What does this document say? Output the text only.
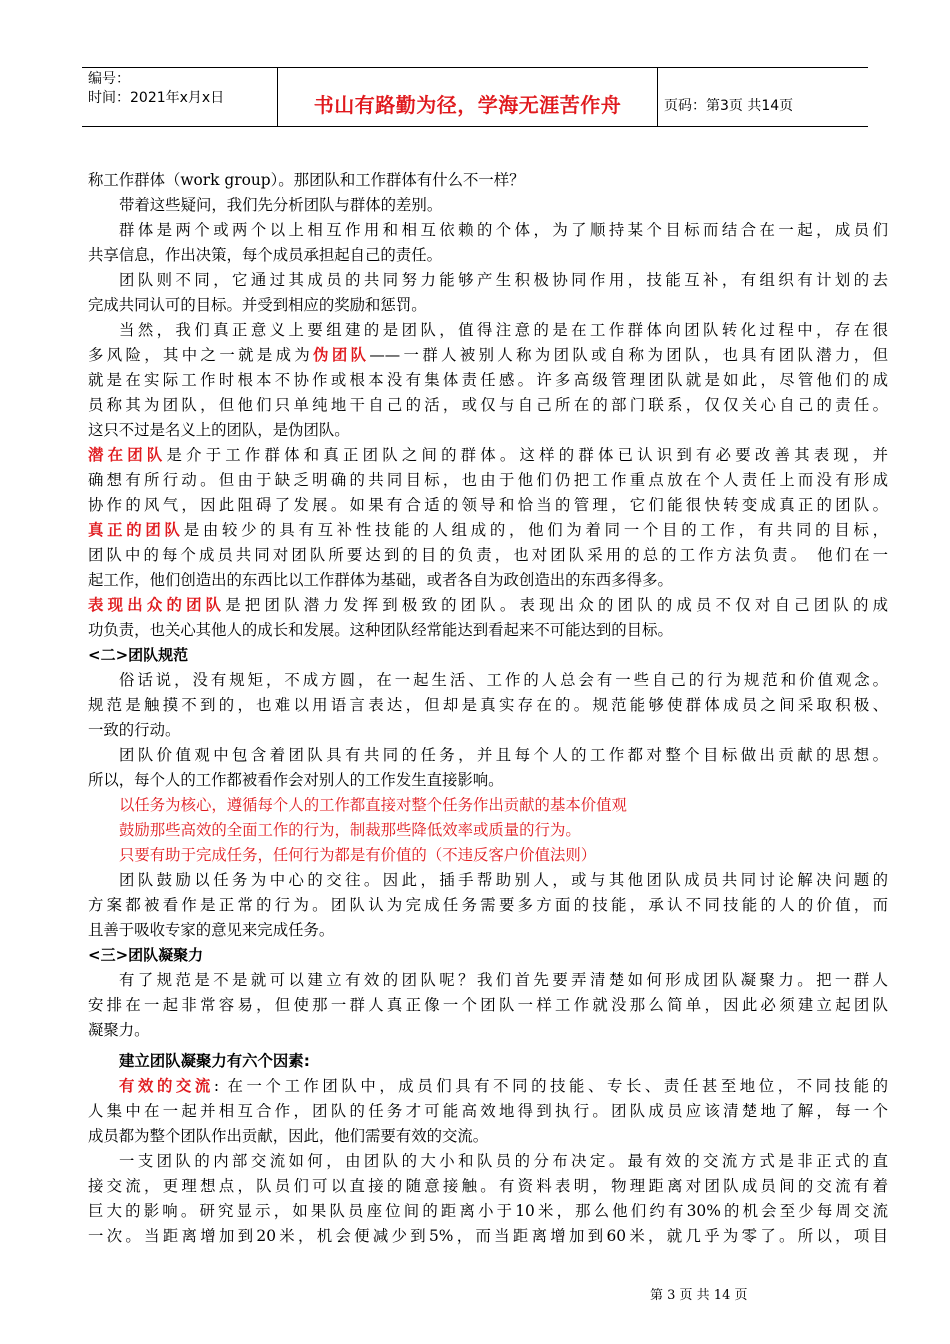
编号：
时间：2021年x月x日	书山有路勤为径，学海无涯苦作舟	页码：第3页 共14页
称工作群体（work group）。那团队和工作群体有什么不一样？
带着这些疑问，我们先分析团队与群体的差别。
群体是两个或两个以上相互作用和相互依赖的个体，为了顺持某个目标而结合在一起，成员们
共享信息，作出决策，每个成员承担起自己的责任。
团队则不同，它通过其成员的共同努力能够产生积极协同作用，技能互补，有组织有计划的去
完成共同认可的目标。并受到相应的奖励和惩罚。
当然，我们真正意义上要组建的是团队，值得注意的是在工作群体向团队转化过程中，存在很
多风险，其中之一就是成为伪团队——一群人被别人称为团队或自称为团队，也具有团队潜力，但
就是在实际工作时根本不协作或根本没有集体责任感。许多高级管理团队就是如此，尽管他们的成
员称其为团队，但他们只单纯地干自己的活，或仅与自己所在的部门联系，仅仅关心自己的责任。
这只不过是名义上的团队，是伪团队。
潜在团队是介于工作群体和真正团队之间的群体。这样的群体已认识到有必要改善其表现，并
确想有所行动。但由于缺乏明确的共同目标，也由于他们仍把工作重点放在个人责任上而没有形成
协作的风气，因此阻碍了发展。如果有合适的领导和恰当的管理，它们能很快转变成真正的团队。
真正的团队是由较少的具有互补性技能的人组成的，他们为着同一个目的工作，有共同的目标，
团队中的每个成员共同对团队所要达到的目的负责，也对团队采用的总的工作方法负责。 他们在一
起工作，他们创造出的东西比以工作群体为基础，或者各自为政创造出的东西多得多。
表现出众的团队是把团队潜力发挥到极致的团队。表现出众的团队的成员不仅对自己团队的成
功负责，也关心其他人的成长和发展。这种团队经常能达到看起来不可能达到的目标。
<二>团队规范
俗话说，没有规矩，不成方圆，在一起生活、工作的人总会有一些自己的行为规范和价值观念。
规范是触摸不到的，也难以用语言表达，但却是真实存在的。规范能够使群体成员之间采取积极、
一致的行动。
团队价值观中包含着团队具有共同的任务，并且每个人的工作都对整个目标做出贡献的思想。
所以，每个人的工作都被看作会对别人的工作发生直接影响。
以任务为核心，遵循每个人的工作都直接对整个任务作出贡献的基本价值观
鼓励那些高效的全面工作的行为，制裁那些降低效率或质量的行为。
只要有助于完成任务，任何行为都是有价值的（不违反客户价值法则）
团队鼓励以任务为中心的交往。因此，插手帮助别人，或与其他团队成员共同讨论解决问题的
方案都被看作是正常的行为。团队认为完成任务需要多方面的技能，承认不同技能的人的价值，而
且善于吸收专家的意见来完成任务。
<三>团队凝聚力
有了规范是不是就可以建立有效的团队呢？我们首先要弄清楚如何形成团队凝聚力。把一群人
安排在一起非常容易，但使那一群人真正像一个团队一样工作就没那么简单，因此必须建立起团队
凝聚力。
建立团队凝聚力有六个因素:
有效的交流: 在一个工作团队中，成员们具有不同的技能、专长、责任甚至地位，不同技能的
人集中在一起并相互合作，团队的任务才可能高效地得到执行。团队成员应该清楚地了解，每一个
成员都为整个团队作出贡献，因此，他们需要有效的交流。
一支团队的内部交流如何，由团队的大小和队员的分布决定。最有效的交流方式是非正式的直
接交流，更理想点，队员们可以直接的随意接触。有资料表明，物理距离对团队成员间的交流有着
巨大的影响。研究显示，如果队员座位间的距离小于10米，那么他们约有30%的机会至少每周交流
一次。当距离增加到20米，机会便减少到5%，而当距离增加到60米，就几乎为零了。所以，项目
第 3 页 共 14 页
